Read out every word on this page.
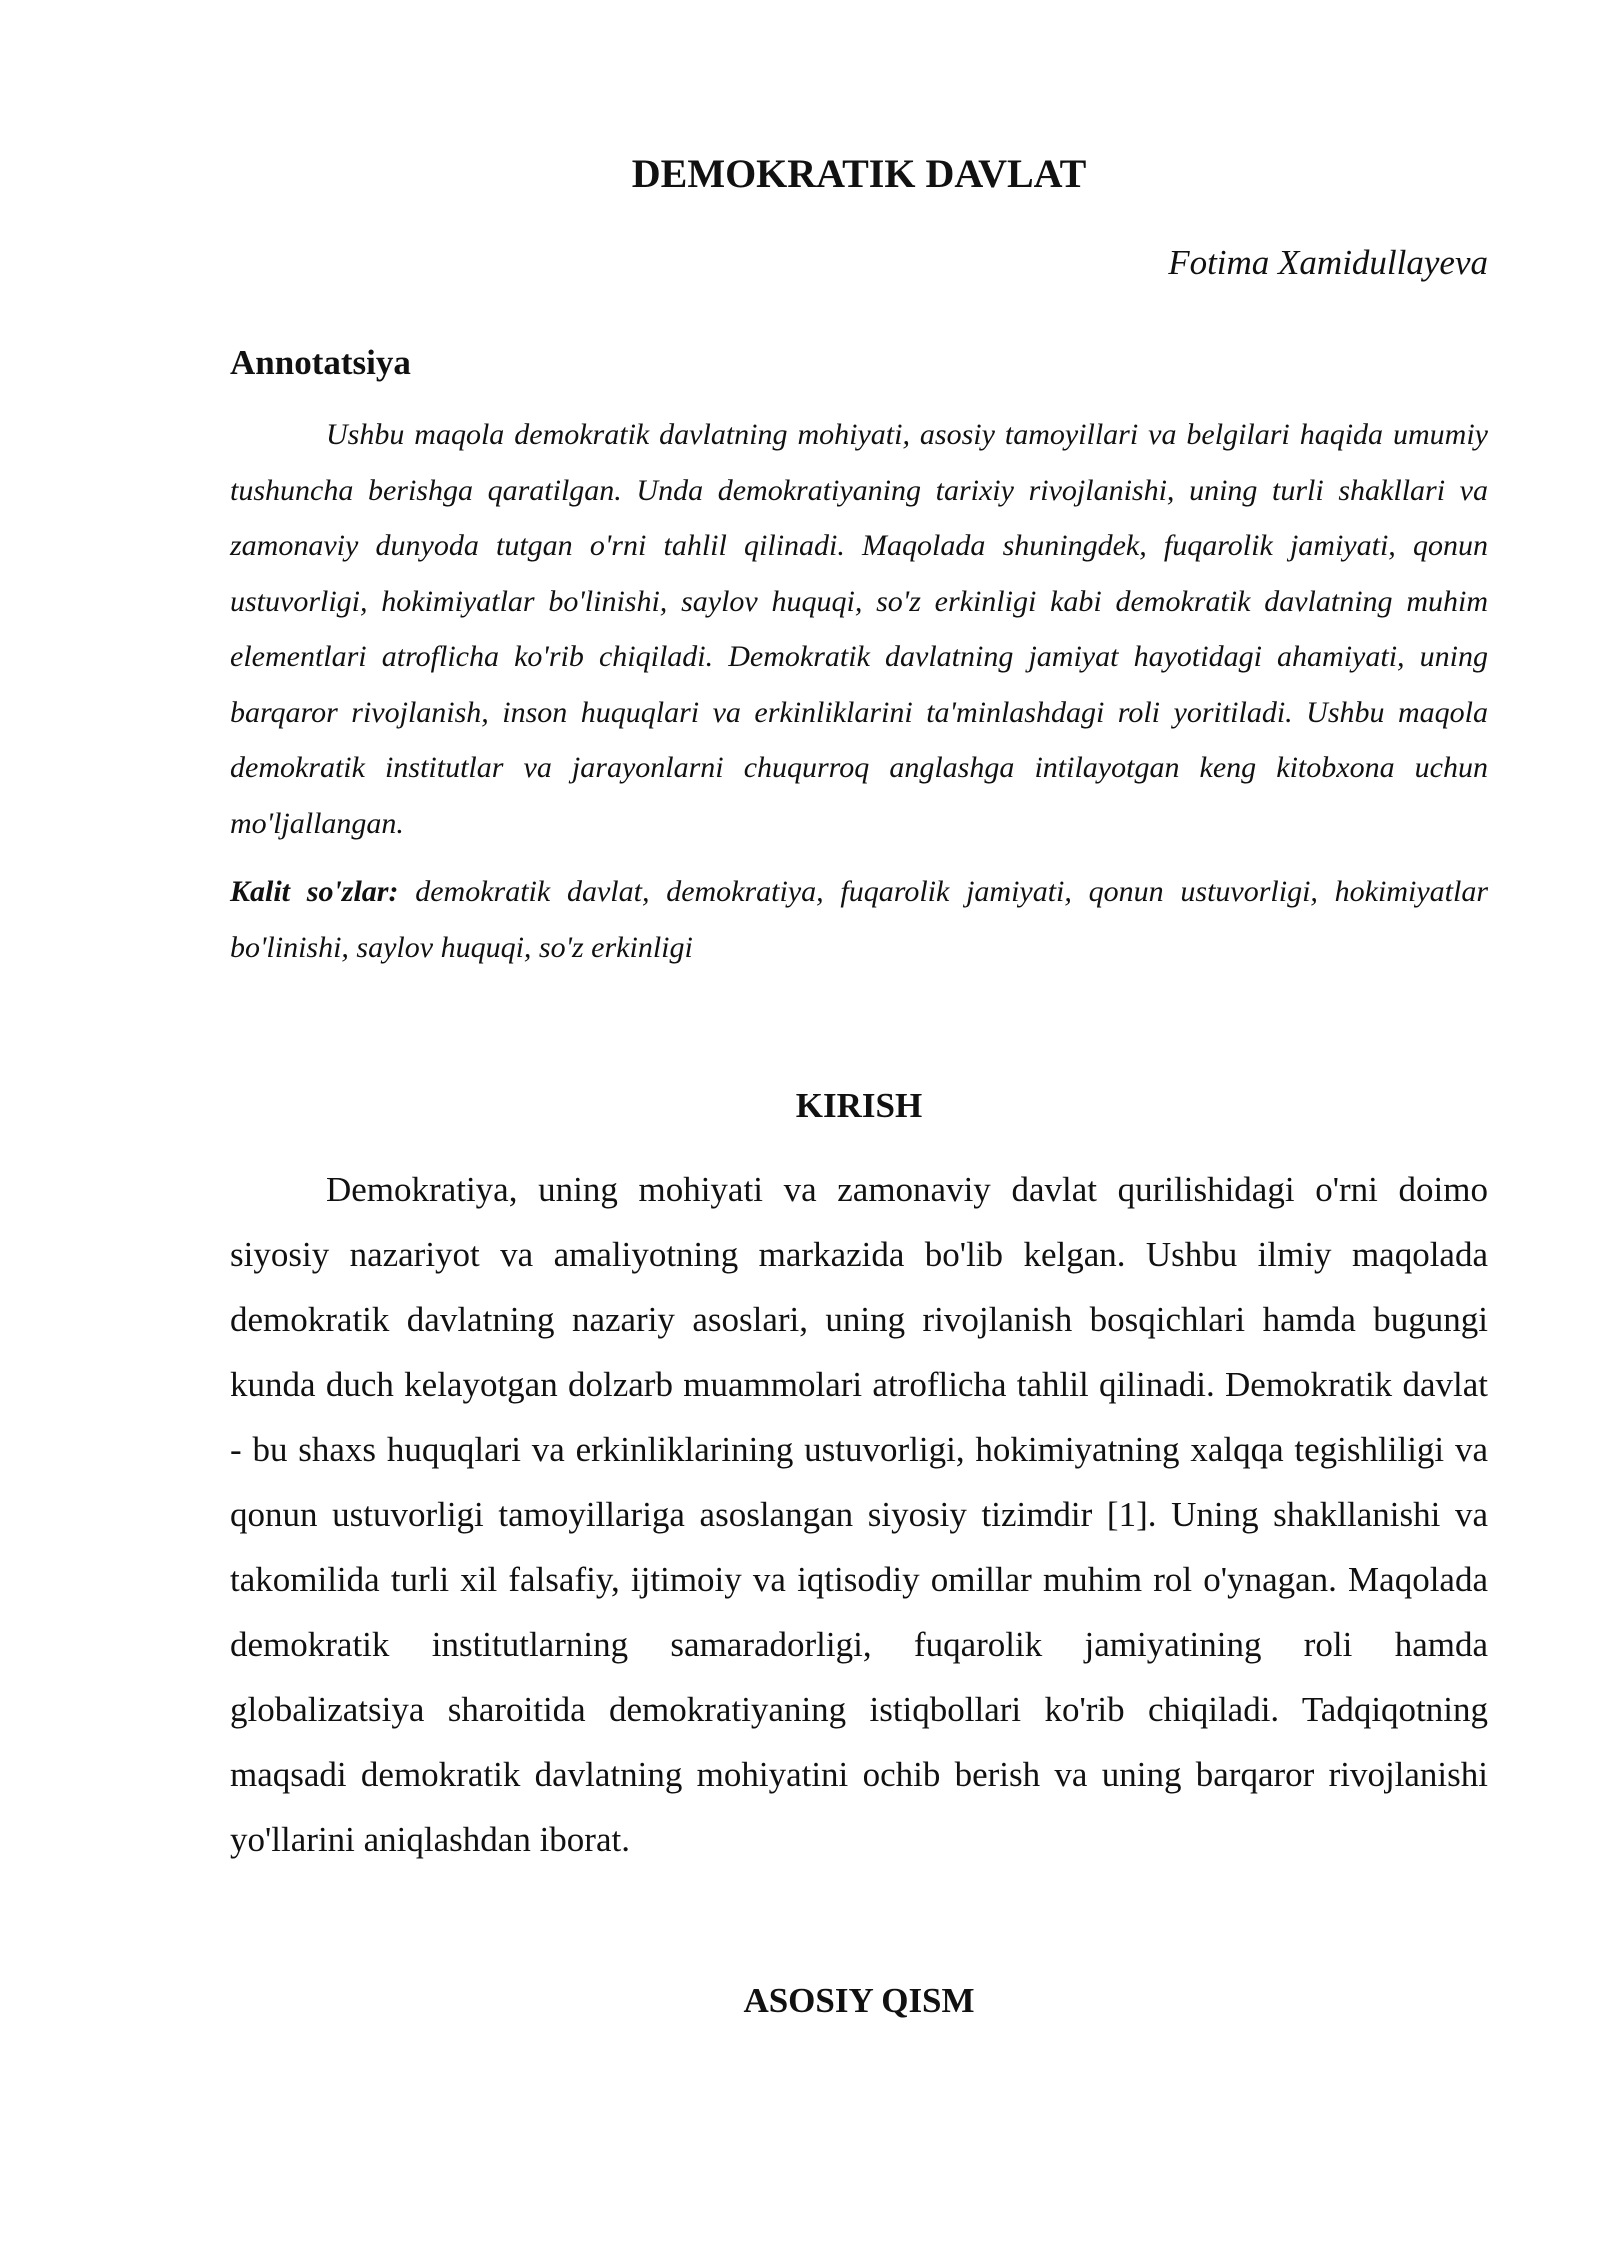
DEMOKRATIK DAVLAT

Fotima Xamidullayeva

Annotatsiya

Ushbu maqola demokratik davlatning mohiyati, asosiy tamoyillari va belgilari haqida umumiy tushuncha berishga qaratilgan. Unda demokratiyaning tarixiy rivojlanishi, uning turli shakllari va zamonaviy dunyoda tutgan o'rni tahlil qilinadi. Maqolada shuningdek, fuqarolik jamiyati, qonun ustuvorligi, hokimiyatlar bo'linishi, saylov huquqi, so'z erkinligi kabi demokratik davlatning muhim elementlari atroflicha ko'rib chiqiladi. Demokratik davlatning jamiyat hayotidagi ahamiyati, uning barqaror rivojlanish, inson huquqlari va erkinliklarini ta'minlashdagi roli yoritiladi. Ushbu maqola demokratik institutlar va jarayonlarni chuqurroq anglashga intilayotgan keng kitobxona uchun mo'ljallangan.

Kalit so'zlar: demokratik davlat, demokratiya, fuqarolik jamiyati, qonun ustuvorligi, hokimiyatlar bo'linishi, saylov huquqi, so'z erkinligi

KIRISH

Demokratiya, uning mohiyati va zamonaviy davlat qurilishidagi o'rni doimo siyosiy nazariyot va amaliyotning markazida bo'lib kelgan. Ushbu ilmiy maqolada demokratik davlatning nazariy asoslari, uning rivojlanish bosqichlari hamda bugungi kunda duch kelayotgan dolzarb muammolari atroflicha tahlil qilinadi. Demokratik davlat - bu shaxs huquqlari va erkinliklarining ustuvorligi, hokimiyatning xalqqa tegishliligi va qonun ustuvorligi tamoyillariga asoslangan siyosiy tizimdir [1]. Uning shakllanishi va takomilida turli xil falsafiy, ijtimoiy va iqtisodiy omillar muhim rol o'ynagan. Maqolada demokratik institutlarning samaradorligi, fuqarolik jamiyatining roli hamda globalizatsiya sharoitida demokratiyaning istiqbollari ko'rib chiqiladi. Tadqiqotning maqsadi demokratik davlatning mohiyatini ochib berish va uning barqaror rivojlanishi yo'llarini aniqlashdan iborat.

ASOSIY QISM
